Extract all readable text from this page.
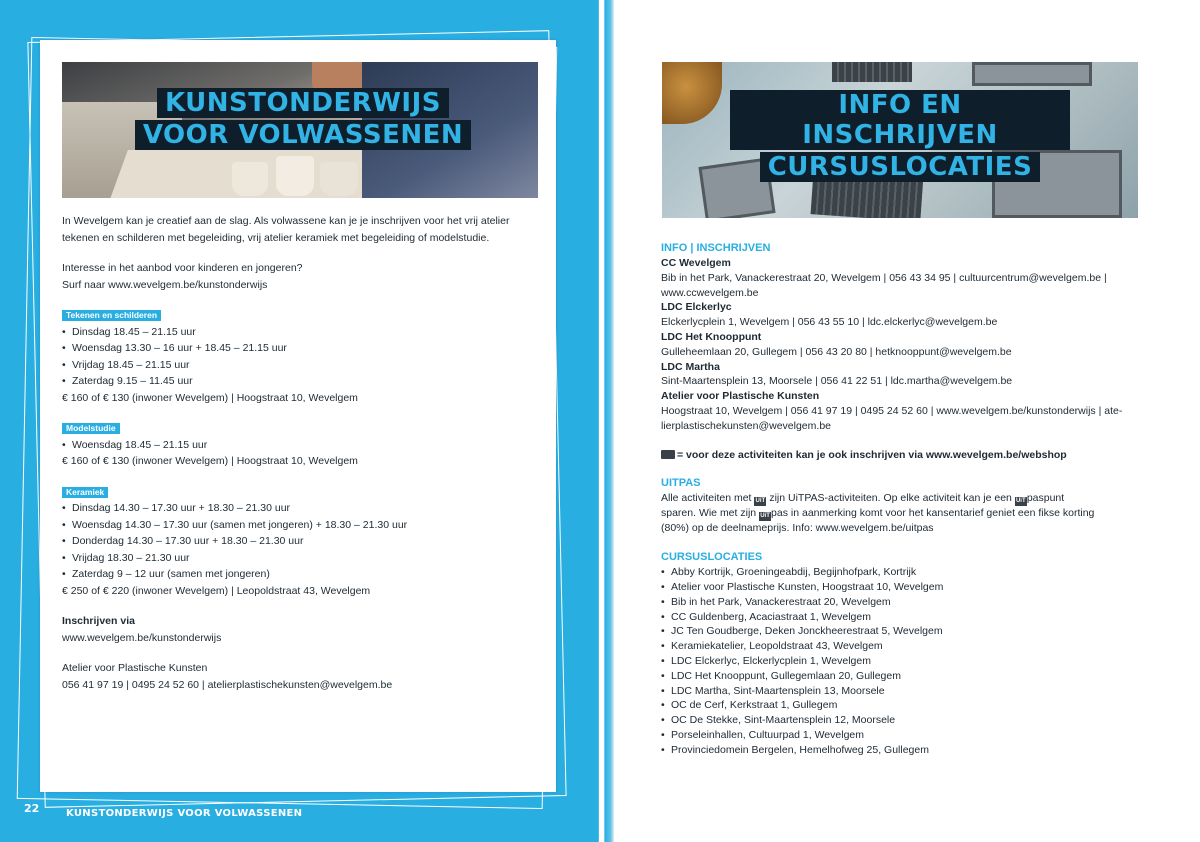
22	KUNSTONDERWIJS VOOR VOLWASSENEN
KUNSTONDERWIJS
VOOR VOLWASSENEN

In Wevelgem kan je creatief aan de slag. Als volwassene kan je je inschrijven voor het vrij atelier tekenen en schilderen met begeleiding, vrij atelier keramiek met begeleiding of modelstudie.

Interesse in het aanbod voor kinderen en jongeren?

Surf naar www.wevelgem.be/kunstonderwijs

Tekenen en schilderen
• Dinsdag 18.45 – 21.15 uur
• Woensdag 13.30 – 16 uur + 18.45 – 21.15 uur
• Vrijdag 18.45 – 21.15 uur
• Zaterdag 9.15 – 11.45 uur

€ 160 of € 130 (inwoner Wevelgem) | Hoogstraat 10, Wevelgem

Modelstudie
• Woensdag 18.45 – 21.15 uur

€ 160 of € 130 (inwoner Wevelgem) | Hoogstraat 10, Wevelgem

Keramiek
• Dinsdag 14.30 – 17.30 uur + 18.30 – 21.30 uur
• Woensdag 14.30 – 17.30 uur (samen met jongeren) + 18.30 – 21.30 uur
• Donderdag 14.30 – 17.30 uur + 18.30 – 21.30 uur
• Vrijdag 18.30 – 21.30 uur
• Zaterdag 9 – 12 uur (samen met jongeren)

€ 250 of € 220 (inwoner Wevelgem) | Leopoldstraat 43, Wevelgem

Inschrijven via

www.wevelgem.be/kunstonderwijs

Atelier voor Plastische Kunsten

056 41 97 19 | 0495 24 52 60 | atelierplastischekunsten@wevelgem.be

INFO EN INSCHRIJVEN
CURSUSLOCATIES

INFO | INSCHRIJVEN

CC Wevelgem

Bib in het Park, Vanackerestraat 20, Wevelgem | 056 43 34 95 | cultuurcentrum@wevelgem.be |

www.ccwevelgem.be

LDC Elckerlyc

Elckerlycplein 1, Wevelgem | 056 43 55 10 | ldc.elckerlyc@wevelgem.be

LDC Het Knooppunt

Gulleheemlaan 20, Gullegem | 056 43 20 80 | hetknooppunt@wevelgem.be

LDC Martha

Sint-Maartensplein 13, Moorsele | 056 41 22 51 | ldc.martha@wevelgem.be

Atelier voor Plastische Kunsten

Hoogstraat 10, Wevelgem | 056 41 97 19 | 0495 24 52 60 | www.wevelgem.be/kunstonderwijs | ate-

lierplastischekunsten@wevelgem.be

= voor deze activiteiten kan je ook inschrijven via www.wevelgem.be/webshop

UITPAS

Alle activiteiten met UiT zijn UiTPAS-activiteiten. Op elke activiteit kan je een UiTpaspunt
sparen. Wie met zijn UiTpas in aanmerking komt voor het kansentarief geniet een fikse korting
(80%) op de deelnameprijs. Info: www.wevelgem.be/uitpas

CURSUSLOCATIES

• Abby Kortrijk, Groeningeabdij, Begijnhofpark, Kortrijk
• Atelier voor Plastische Kunsten, Hoogstraat 10, Wevelgem
• Bib in het Park, Vanackerestraat 20, Wevelgem
• CC Guldenberg, Acaciastraat 1, Wevelgem
• JC Ten Goudberge, Deken Jonckheerestraat 5, Wevelgem
• Keramiekatelier, Leopoldstraat 43, Wevelgem
• LDC Elckerlyc, Elckerlycplein 1, Wevelgem
• LDC Het Knooppunt, Gullegemlaan 20, Gullegem
• LDC Martha, Sint-Maartensplein 13, Moorsele
• OC de Cerf, Kerkstraat 1, Gullegem
• OC De Stekke, Sint-Maartensplein 12, Moorsele
• Porseleinhallen, Cultuurpad 1, Wevelgem
• Provinciedomein Bergelen, Hemelhofweg 25, Gullegem
